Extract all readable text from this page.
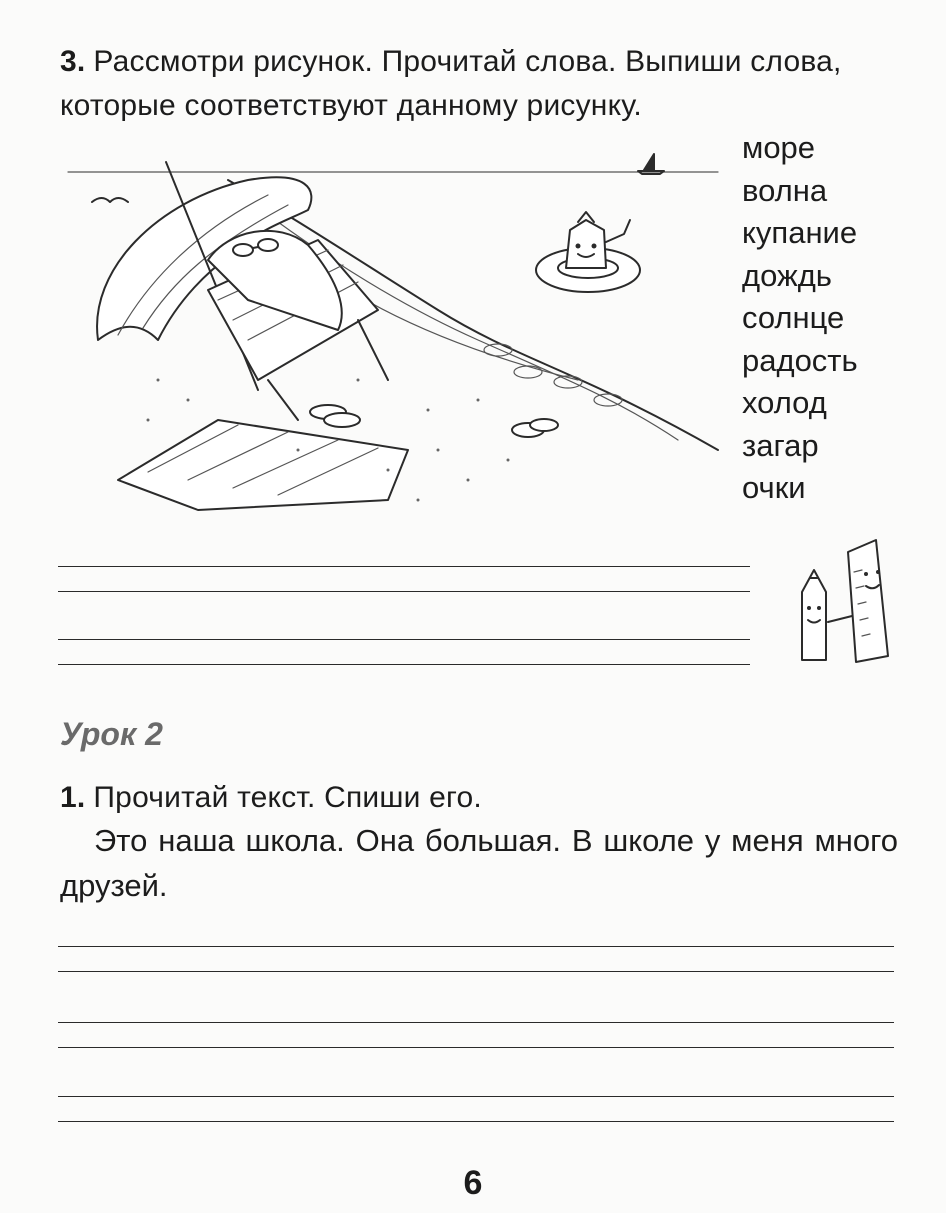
3. Рассмотри рисунок. Прочитай слова. Выпиши слова, которые соответствуют данному рисунку.
море
волна
купание
дождь
солнце
радость
холод
загар
очки
Урок 2
1. Прочитай текст. Спиши его.

Это наша школа. Она большая. В школе у меня много друзей.

6
